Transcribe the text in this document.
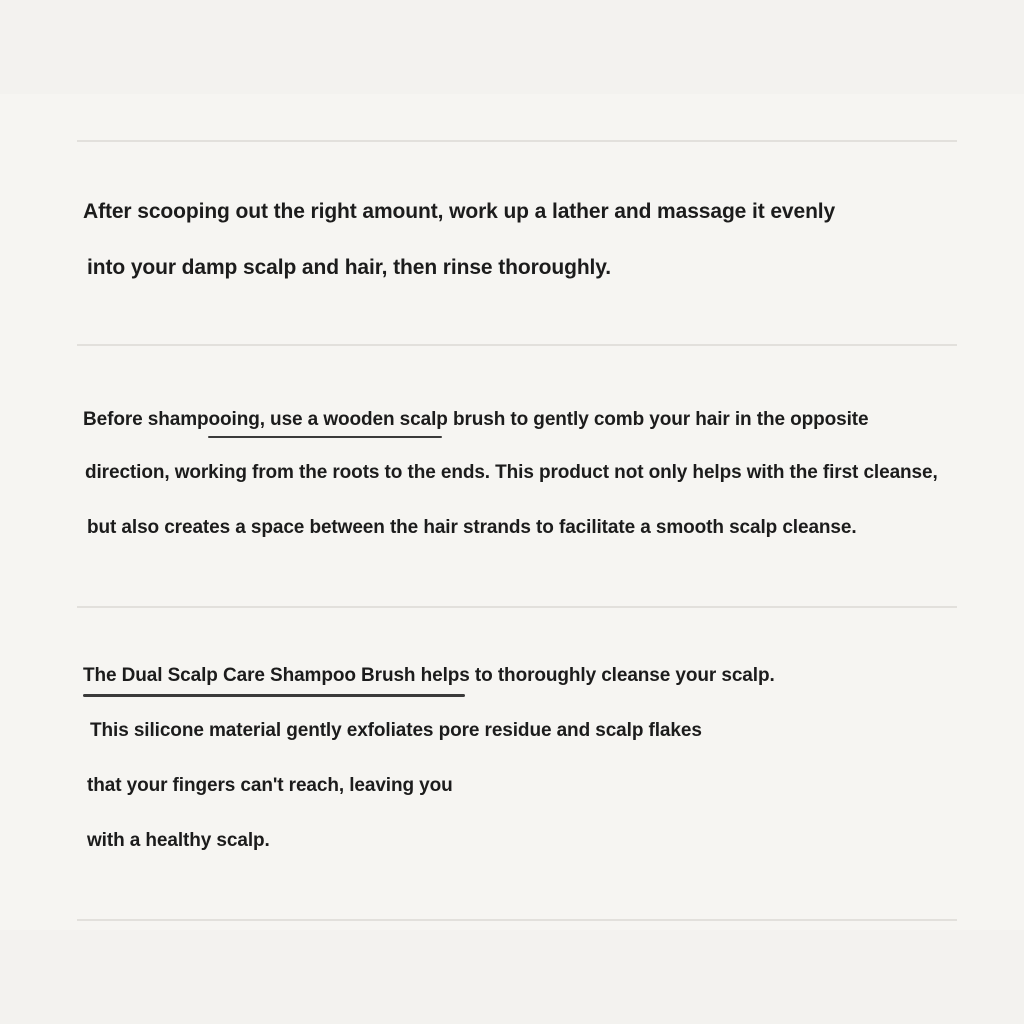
After scooping out the right amount, work up a lather and massage it evenly
into your damp scalp and hair, then rinse thoroughly.
Before shampooing, use a wooden scalp brush to gently comb your hair in the opposite
direction, working from the roots to the ends. This product not only helps with the first cleanse,
but also creates a space between the hair strands to facilitate a smooth scalp cleanse.
The Dual Scalp Care Shampoo Brush helps to thoroughly cleanse your scalp.
This silicone material gently exfoliates pore residue and scalp flakes
that your fingers can't reach, leaving you
with a healthy scalp.
